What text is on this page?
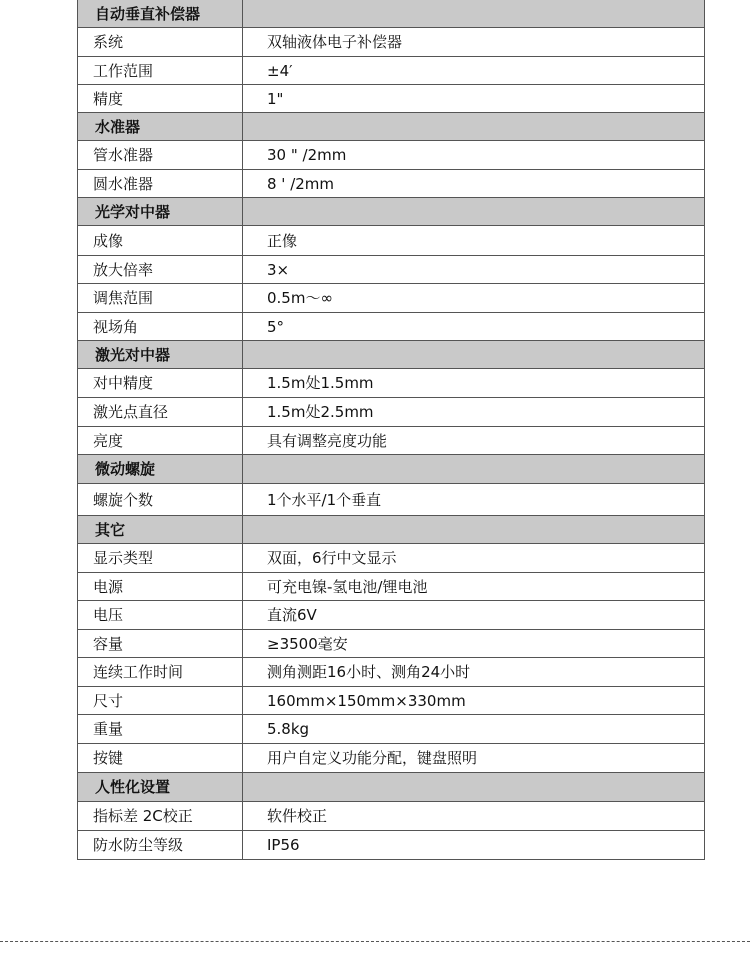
自动垂直补偿器	
系统	双轴液体电子补偿器
工作范围	±4′
精度	1"
水准器	
管水准器	30 " /2mm
圆水准器	8 ' /2mm
光学对中器	
成像	正像
放大倍率	3×
调焦范围	0.5m～∞
视场角	5°
激光对中器	
对中精度	1.5m处1.5mm
激光点直径	1.5m处2.5mm
亮度	具有调整亮度功能
微动螺旋	
螺旋个数	1个水平/1个垂直
其它	
显示类型	双面，6行中文显示
电源	可充电镍-氢电池/锂电池
电压	直流6V
容量	≥3500毫安
连续工作时间	测角测距16小时、测角24小时
尺寸	160mm×150mm×330mm
重量	5.8kg
按键	用户自定义功能分配，键盘照明
人性化设置	
指标差 2C校正	软件校正
防水防尘等级	IP56
